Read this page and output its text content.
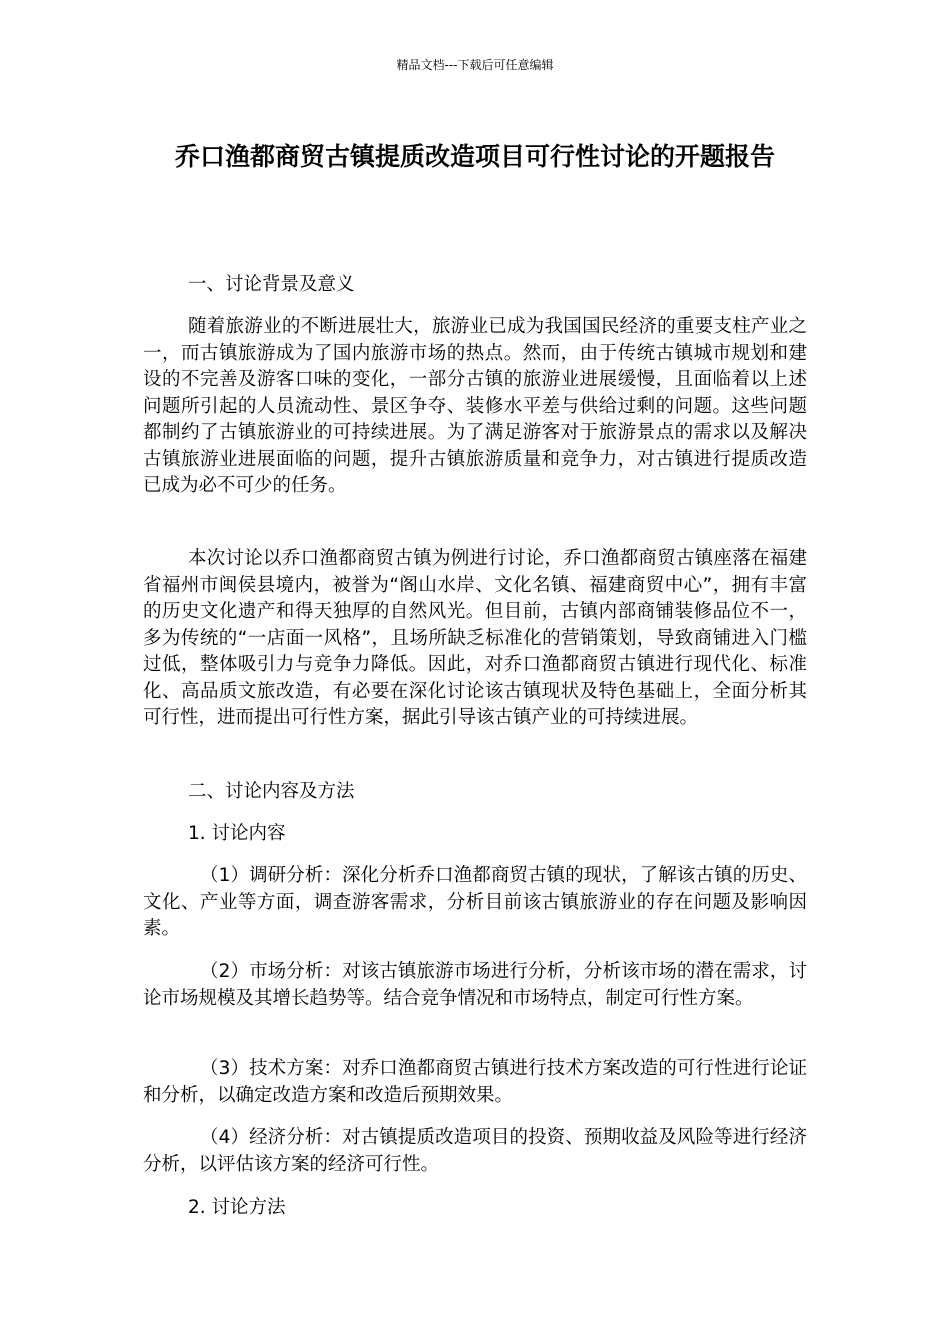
精品文档---下载后可任意编辑
乔口渔都商贸古镇提质改造项目可行性讨论的开题报告
一、讨论背景及意义
随着旅游业的不断进展壮大，旅游业已成为我国国民经济的重要支柱产业之一，而古镇旅游成为了国内旅游市场的热点。然而，由于传统古镇城市规划和建设的不完善及游客口味的变化，一部分古镇的旅游业进展缓慢，且面临着以上述问题所引起的人员流动性、景区争夺、装修水平差与供给过剩的问题。这些问题都制约了古镇旅游业的可持续进展。为了满足游客对于旅游景点的需求以及解决古镇旅游业进展面临的问题，提升古镇旅游质量和竞争力，对古镇进行提质改造已成为必不可少的任务。
本次讨论以乔口渔都商贸古镇为例进行讨论，乔口渔都商贸古镇座落在福建省福州市闽侯县境内，被誉为“阁山水岸、文化名镇、福建商贸中心”，拥有丰富的历史文化遗产和得天独厚的自然风光。但目前，古镇内部商铺装修品位不一，多为传统的“一店面一风格”，且场所缺乏标准化的营销策划，导致商铺进入门槛过低，整体吸引力与竞争力降低。因此，对乔口渔都商贸古镇进行现代化、标准化、高品质文旅改造，有必要在深化讨论该古镇现状及特色基础上，全面分析其可行性，进而提出可行性方案，据此引导该古镇产业的可持续进展。
二、讨论内容及方法
1. 讨论内容
（1）调研分析：深化分析乔口渔都商贸古镇的现状，了解该古镇的历史、文化、产业等方面，调查游客需求，分析目前该古镇旅游业的存在问题及影响因素。
（2）市场分析：对该古镇旅游市场进行分析，分析该市场的潜在需求，讨论市场规模及其增长趋势等。结合竞争情况和市场特点，制定可行性方案。
（3）技术方案：对乔口渔都商贸古镇进行技术方案改造的可行性进行论证和分析，以确定改造方案和改造后预期效果。
（4）经济分析：对古镇提质改造项目的投资、预期收益及风险等进行经济分析，以评估该方案的经济可行性。
2. 讨论方法
